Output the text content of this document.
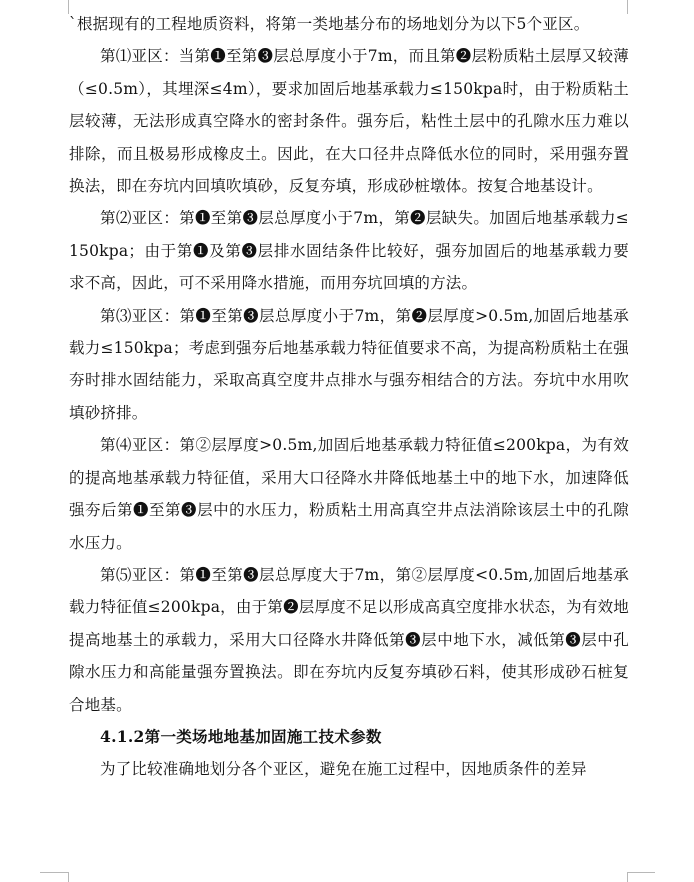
`根据现有的工程地质资料，将第一类地基分布的场地划分为以下5个亚区。

第⑴亚区：当第❶至第❸层总厚度小于7m，而且第❷层粉质粘土层厚又较薄（≤0.5m），其埋深≤4m），要求加固后地基承载力≤150kpa时，由于粉质粘土层较薄，无法形成真空降水的密封条件。强夯后，粘性土层中的孔隙水压力难以排除，而且极易形成橡皮土。因此，在大口径井点降低水位的同时，采用强夯置换法，即在夯坑内回填吹填砂，反复夯填，形成砂桩墩体。按复合地基设计。

第⑵亚区：第❶至第❸层总厚度小于7m，第❷层缺失。加固后地基承载力≤150kpa；由于第❶及第❸层排水固结条件比较好，强夯加固后的地基承载力要求不高，因此，可不采用降水措施，而用夯坑回填的方法。

第⑶亚区：第❶至第❸层总厚度小于7m，第❷层厚度>0.5m,加固后地基承载力≤150kpa；考虑到强夯后地基承载力特征值要求不高，为提高粉质粘土在强夯时排水固结能力，采取高真空度井点排水与强夯相结合的方法。夯坑中水用吹填砂挤排。

第⑷亚区：第②层厚度>0.5m,加固后地基承载力特征值≤200kpa，为有效的提高地基承载力特征值，采用大口径降水井降低地基土中的地下水，加速降低强夯后第❶至第❸层中的水压力，粉质粘土用高真空井点法消除该层土中的孔隙水压力。

第⑸亚区：第❶至第❸层总厚度大于7m，第②层厚度<0.5m,加固后地基承载力特征值≤200kpa，由于第❷层厚度不足以形成高真空度排水状态，为有效地提高地基土的承载力，采用大口径降水井降低第❸层中地下水，减低第❸层中孔隙水压力和高能量强夯置换法。即在夯坑内反复夯填砂石料，使其形成砂石桩复合地基。

4.1.2第一类场地地基加固施工技术参数

为了比较准确地划分各个亚区，避免在施工过程中，因地质条件的差异
